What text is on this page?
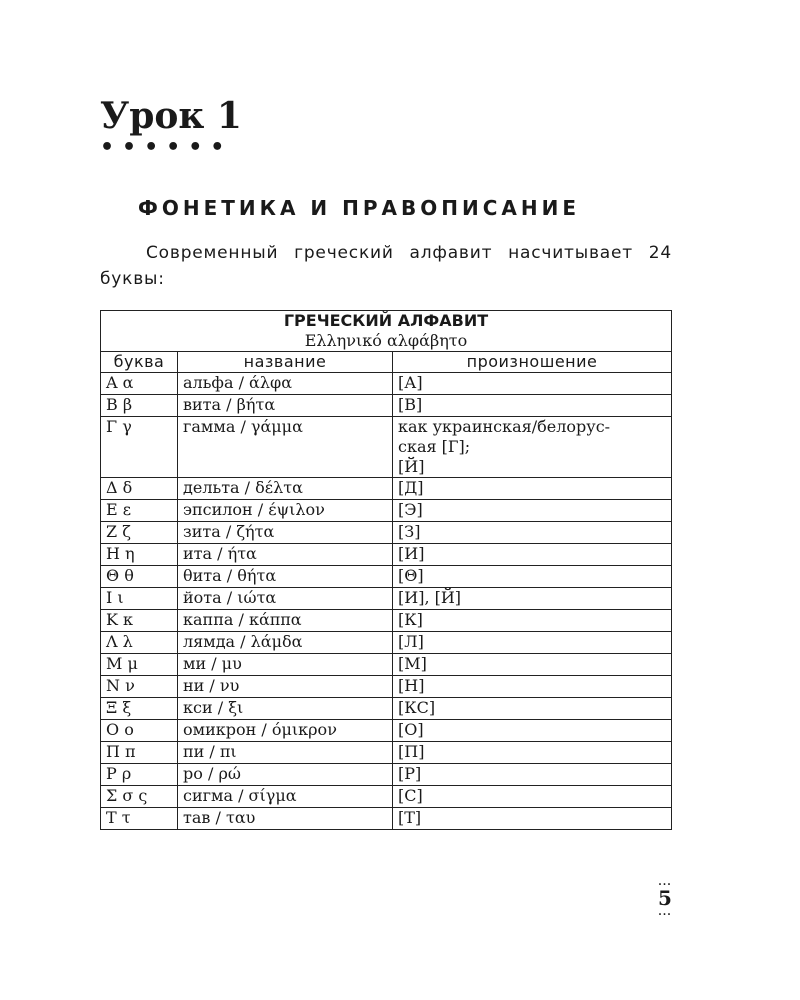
Урок 1
••••••
ФОНЕТИКА И ПРАВОПИСАНИЕ

Современный греческий алфавит насчитывает 24 буквы:

ГРЕЧЕСКИЙ АЛФАВИТ
Ελληνικό αλφάβητο		

буква	название	произношение
Α α	альфа / άλφα	[А]
Β β	вита / βήτα	[В]
Γ γ	гамма / γάμμα	как украинская/белорус-
ская [Г];
[Й]
Δ δ	дельта / δέλτα	[Д]
Ε ε	эпсилон / έψιλον	[Э]
Ζ ζ	зита / ζήτα	[З]
Η η	ита / ήτα	[И]
Θ θ	θита / θήτα	[Θ]
Ι ι	йота / ιώτα	[И], [Й]
Κ κ	каппа / κάππα	[К]
Λ λ	лямда / λάμδα	[Л]
Μ μ	ми / μυ	[М]
Ν ν	ни / νυ	[Н]
Ξ ξ	кси / ξι	[КС]
Ο ο	омикрон / όμικρον	[О]
Π π	пи / πι	[П]
Ρ ρ	ро / ρώ	[Р]
Σ σ ς	сигма / σίγμα	[С]
Τ τ	тав / ταυ	[Т]
...
5
...
